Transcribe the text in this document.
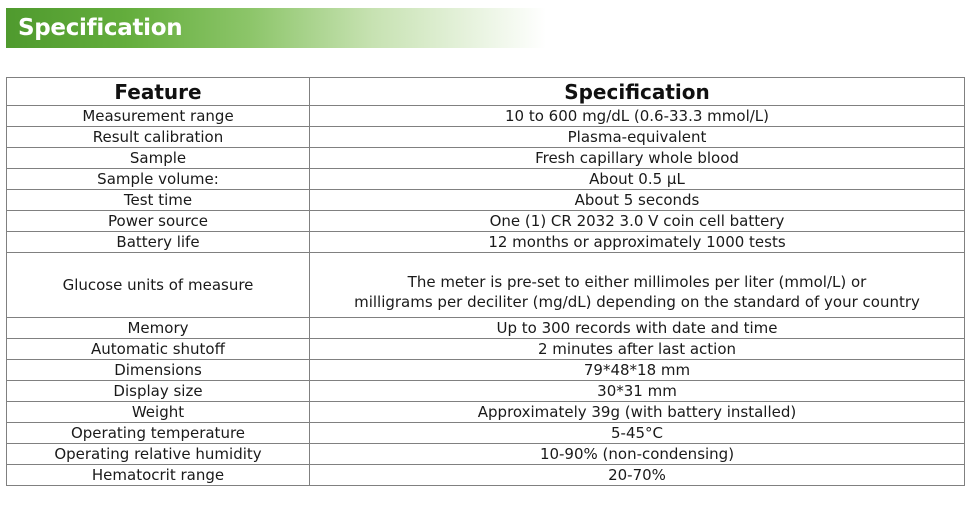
Specification
Feature	Specification
Measurement range	10 to 600 mg/dL (0.6-33.3 mmol/L)
Result calibration	Plasma-equivalent
Sample	Fresh capillary whole blood
Sample volume:	About 0.5 μL
Test time	About 5 seconds
Power source	One (1) CR 2032 3.0 V coin cell battery
Battery life	12 months or approximately 1000 tests
Glucose units of measure	The meter is pre-set to either millimoles per liter (mmol/L) or
milligrams per deciliter (mg/dL) depending on the standard of your country

Memory	Up to 300 records with date and time
Automatic shutoff	2 minutes after last action
Dimensions	79*48*18 mm
Display size	30*31 mm
Weight	Approximately 39g (with battery installed)
Operating temperature	5-45°C
Operating relative humidity	10-90% (non-condensing)
Hematocrit range	20-70%
